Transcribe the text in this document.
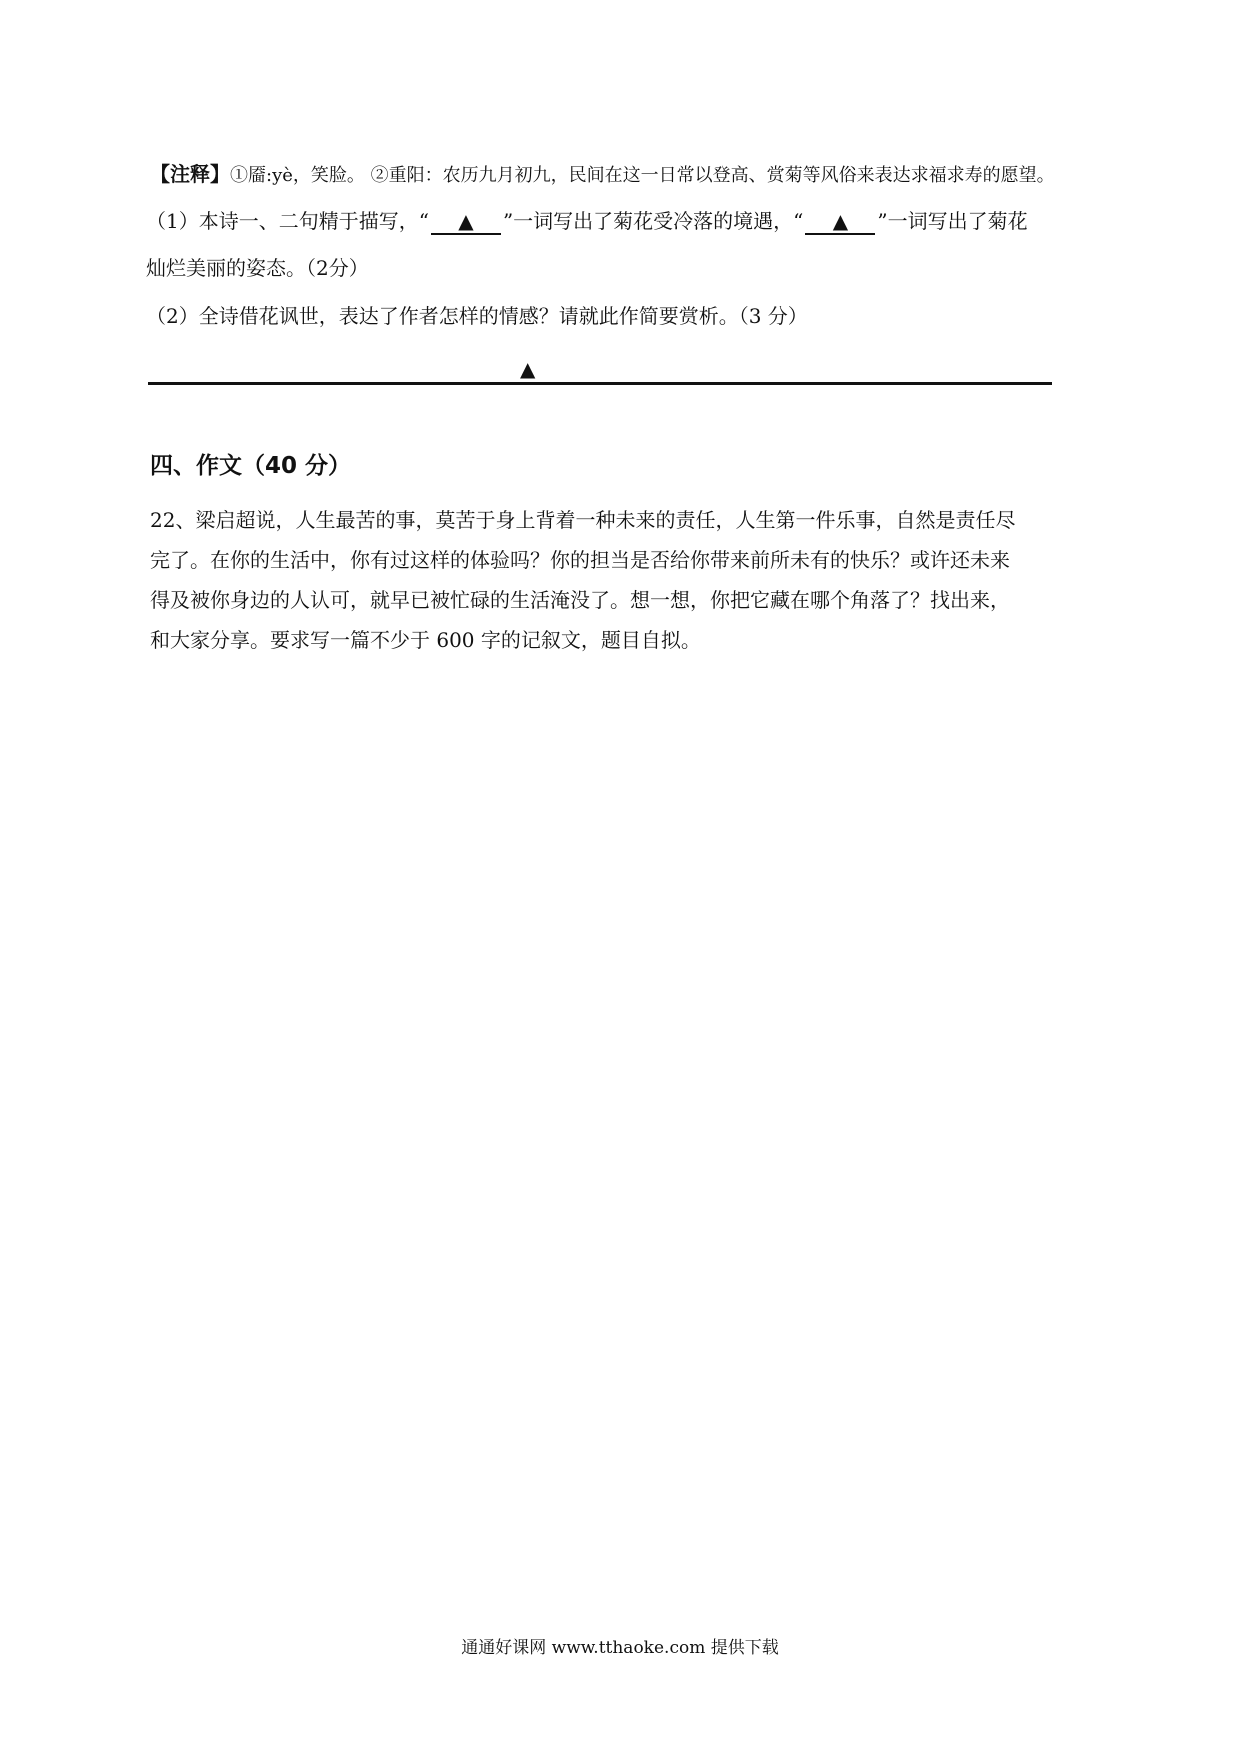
【注释】①靥:yè，笑脸。 ②重阳：农历九月初九，民间在这一日常以登高、赏菊等风俗来表达求福求寿的愿望。
（1）本诗一、二句精于描写，“ ▲ ”一词写出了菊花受冷落的境遇，“ ▲ ”一词写出了菊花
灿烂美丽的姿态。（2分）
（2）全诗借花讽世，表达了作者怎样的情感？请就此作简要赏析。（3 分）
▲
四、作文（40 分）
22、梁启超说，人生最苦的事，莫苦于身上背着一种未来的责任，人生第一件乐事，自然是责任尽
完了。在你的生活中，你有过这样的体验吗？你的担当是否给你带来前所未有的快乐？或许还未来
得及被你身边的人认可，就早已被忙碌的生活淹没了。想一想，你把它藏在哪个角落了？找出来，
和大家分享。要求写一篇不少于 600 字的记叙文，题目自拟。
通通好课网 www.tthaoke.com 提供下载
